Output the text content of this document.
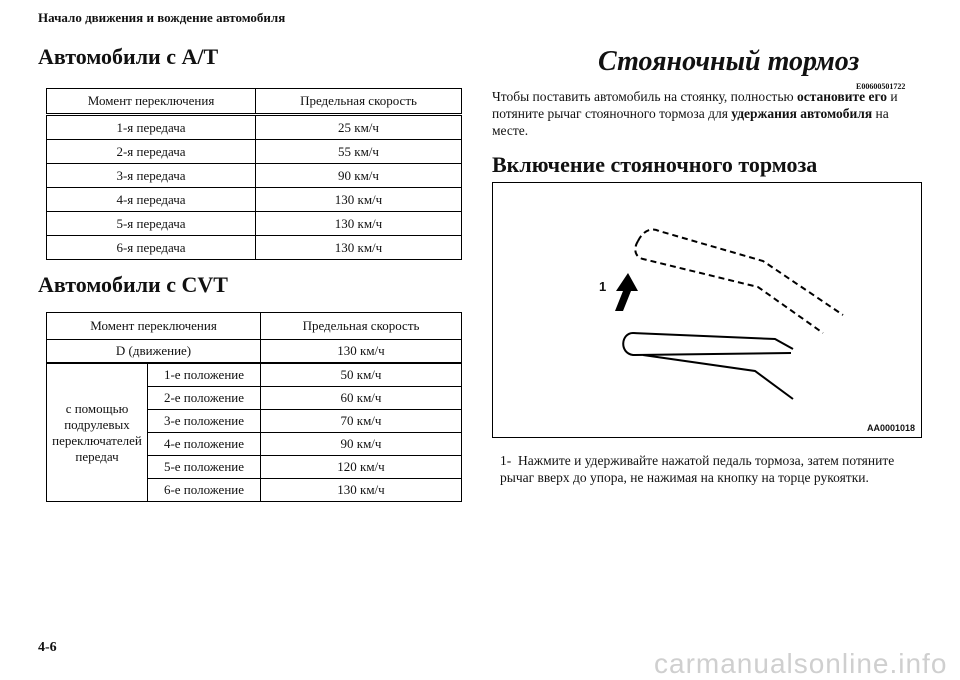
Начало движения и вождение автомобиля
Автомобили с A/T
Момент переключения	Предельная скорость
1-я передача	25 км/ч
2-я передача	55 км/ч
3-я передача	90 км/ч
4-я передача	130 км/ч
5-я передача	130 км/ч
6-я передача	130 км/ч
Автомобили с CVT
Момент переключения		Предельная скорость
D (движение)		130 км/ч
с помощью подрулевых переключателей передач	1-е положение	50 км/ч
	2-е положение	60 км/ч
	3-е положение	70 км/ч
	4-е положение	90 км/ч
	5-е положение	120 км/ч
	6-е положение	130 км/ч
Стояночный тормоз
E00600501722
Чтобы поставить автомобиль на стоянку, полностью остановите его и потяните рычаг стояночного тормоза для удержания автомобиля на месте.
Включение стояночного тормоза
1
AA0001018
1- Нажмите и удерживайте нажатой педаль тормоза, затем потяните рычаг вверх до упора, не нажимая на кнопку на торце рукоятки.
4-6
carmanualsonline.info
